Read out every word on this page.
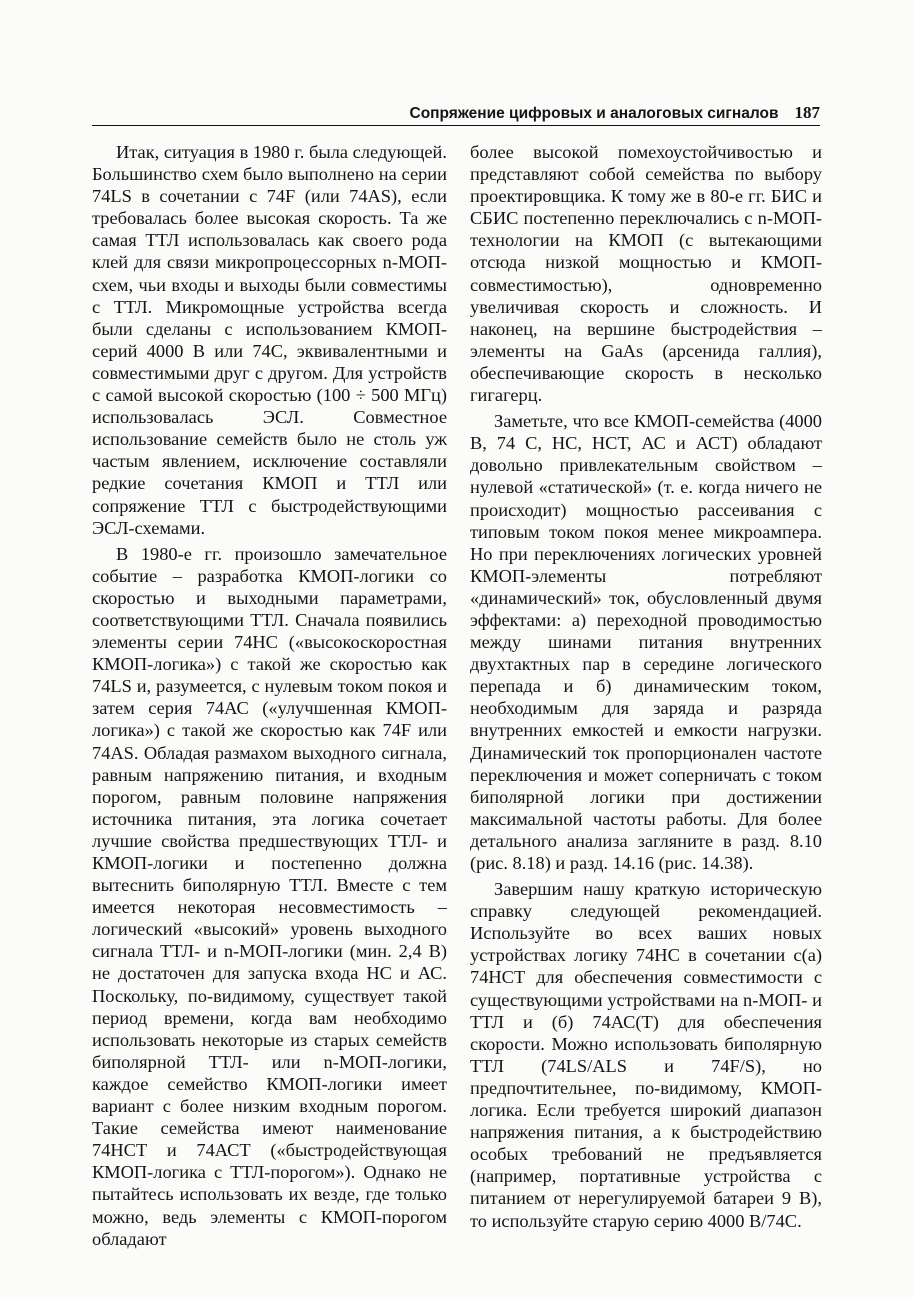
Сопряжение цифровых и аналоговых сигналов 187

Итак, ситуация в 1980 г. была следующей. Большинство схем было выполнено на серии 74LS в сочетании с 74F (или 74AS), если требовалась более высокая скорость. Та же самая ТТЛ использовалась как своего рода клей для связи микропроцессорных n-МОП-схем, чьи входы и выходы были совместимы с ТТЛ. Микромощные устройства всегда были сделаны с использованием КМОП-серий 4000 В или 74С, эквивалентными и совместимыми друг с другом. Для устройств с самой высокой скоростью (100 ÷ 500 МГц) использовалась ЭСЛ. Совместное использование семейств было не столь уж частым явлением, исключение составляли редкие сочетания КМОП и ТТЛ или сопряжение ТТЛ с быстродействующими ЭСЛ-схемами.

В 1980-е гг. произошло замечательное событие – разработка КМОП-логики со скоростью и выходными параметрами, соответствующими ТТЛ. Сначала появились элементы серии 74НС («высокоскоростная КМОП-логика») с такой же скоростью как 74LS и, разумеется, с нулевым током покоя и затем серия 74АС («улучшенная КМОП-логика») с такой же скоростью как 74F или 74AS. Обладая размахом выходного сигнала, равным напряжению питания, и входным порогом, равным половине напряжения источника питания, эта логика сочетает лучшие свойства предшествующих ТТЛ- и КМОП-логики и постепенно должна вытеснить биполярную ТТЛ. Вместе с тем имеется некоторая несовместимость – логический «высокий» уровень выходного сигнала ТТЛ- и n-МОП-логики (мин. 2,4 В) не достаточен для запуска входа НС и АС. Поскольку, по-видимому, существует такой период времени, когда вам необходимо использовать некоторые из старых семейств биполярной ТТЛ- или n-МОП-логики, каждое семейство КМОП-логики имеет вариант с более низким входным порогом. Такие семейства имеют наименование 74НСТ и 74АСТ («быстродействующая КМОП-логика с ТТЛ-порогом»). Однако не пытайтесь использовать их везде, где только можно, ведь элементы с КМОП-порогом обладают

более высокой помехоустойчивостью и представляют собой семейства по выбору проектировщика. К тому же в 80-е гг. БИС и СБИС постепенно переключались с n-МОП-технологии на КМОП (с вытекающими отсюда низкой мощностью и КМОП-совместимостью), одновременно увеличивая скорость и сложность. И наконец, на вершине быстродействия – элементы на GaAs (арсенида галлия), обеспечивающие скорость в несколько гигагерц.

Заметьте, что все КМОП-семейства (4000 В, 74 С, НС, НСТ, АС и АСТ) обладают довольно привлекательным свойством – нулевой «статической» (т. е. когда ничего не происходит) мощностью рассеивания с типовым током покоя менее микроампера. Но при переключениях логических уровней КМОП-элементы потребляют «динамический» ток, обусловленный двумя эффектами: а) переходной проводимостью между шинами питания внутренних двухтактных пар в середине логического перепада и б) динамическим током, необходимым для заряда и разряда внутренних емкостей и емкости нагрузки. Динамический ток пропорционален частоте переключения и может соперничать с током биполярной логики при достижении максимальной частоты работы. Для более детального анализа загляните в разд. 8.10 (рис. 8.18) и разд. 14.16 (рис. 14.38).

Завершим нашу краткую историческую справку следующей рекомендацией. Используйте во всех ваших новых устройствах логику 74НС в сочетании с(а) 74НСТ для обеспечения совместимости с существующими устройствами на n-МОП- и ТТЛ и (б) 74АС(Т) для обеспечения скорости. Можно использовать биполярную ТТЛ (74LS/ALS и 74F/S), но предпочтительнее, по-видимому, КМОП-логика. Если требуется широкий диапазон напряжения питания, а к быстродействию особых требований не предъявляется (например, портативные устройства с питанием от нерегулируемой батареи 9 В), то используйте старую серию 4000 В/74С.
